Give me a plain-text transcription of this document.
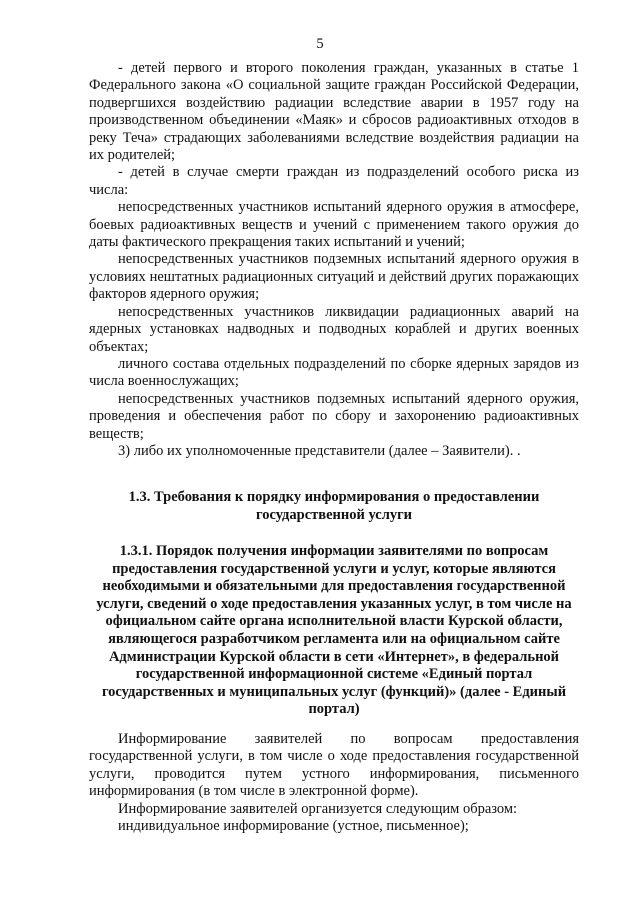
5

- детей первого и второго поколения граждан, указанных в статье 1 Федерального закона «О социальной защите граждан Российской Федерации, подвергшихся воздействию радиации вследствие аварии в 1957 году на производственном объединении «Маяк» и сбросов радиоактивных отходов в реку Теча» страдающих заболеваниями вследствие воздействия радиации на их родителей;

- детей в случае смерти граждан из подразделений особого риска из числа:

непосредственных участников испытаний ядерного оружия в атмосфере, боевых радиоактивных веществ и учений с применением такого оружия до даты фактического прекращения таких испытаний и учений;

непосредственных участников подземных испытаний ядерного оружия в условиях нештатных радиационных ситуаций и действий других поражающих факторов ядерного оружия;

непосредственных участников ликвидации радиационных аварий на ядерных установках надводных и подводных кораблей и других военных объектах;

личного состава отдельных подразделений по сборке ядерных зарядов из числа военнослужащих;

непосредственных участников подземных испытаний ядерного оружия, проведения и обеспечения работ по сбору и захоронению радиоактивных веществ;

3) либо их уполномоченные представители (далее – Заявители). .

1.3. Требования к порядку информирования о предоставлении государственной услуги
1.3.1. Порядок получения информации заявителями по вопросам предоставления государственной услуги и услуг, которые являются необходимыми и обязательными для предоставления государственной услуги, сведений о ходе предоставления указанных услуг, в том числе на официальном сайте органа исполнительной власти Курской области, являющегося разработчиком регламента или на официальном сайте Администрации Курской области в сети «Интернет», в федеральной государственной информационной системе «Единый портал государственных и муниципальных услуг (функций)» (далее - Единый портал)

Информирование заявителей по вопросам предоставления государственной услуги, в том числе о ходе предоставления государственной услуги, проводится путем устного информирования, письменного информирования (в том числе в электронной форме).

Информирование заявителей организуется следующим образом:

индивидуальное информирование (устное, письменное);
